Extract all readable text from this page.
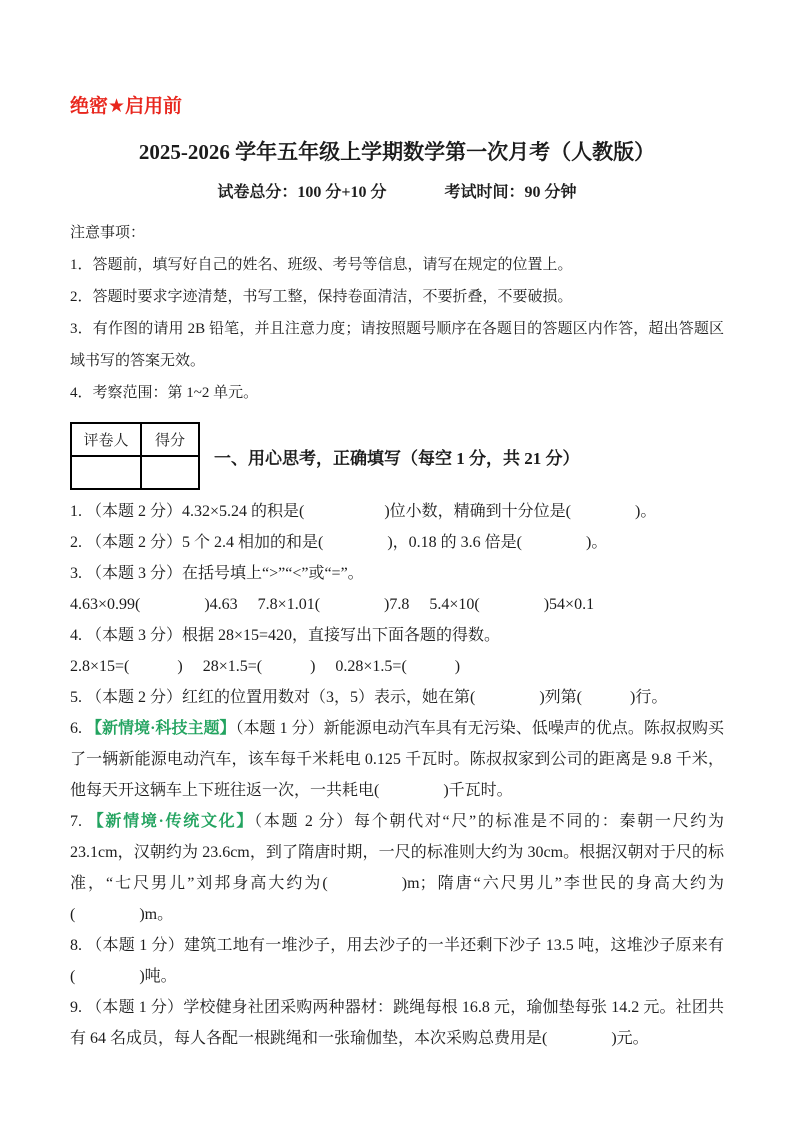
绝密★启用前
2025-2026 学年五年级上学期数学第一次月考（人教版）
试卷总分：100 分+10 分	考试时间：90 分钟

注意事项：

1．答题前，填写好自己的姓名、班级、考号等信息，请写在规定的位置上。

2．答题时要求字迹清楚，书写工整，保持卷面清洁，不要折叠，不要破损。

3．有作图的请用 2B 铅笔，并且注意力度；请按照题号顺序在各题目的答题区内作答，超出答题区域书写的答案无效。

4．考察范围：第 1~2 单元。

评卷人	得分

一、用心思考，正确填写（每空 1 分，共 21 分）

1. （本题 2 分）4.32×5.24 的积是(　　　　　)位小数，精确到十分位是(　　　　)。

2. （本题 2 分）5 个 2.4 相加的和是(　　　　)，0.18 的 3.6 倍是(　　　　)。

3. （本题 3 分）在括号填上“>”“<”或“=”。

4.63×0.99(　　　　)4.63　 7.8×1.01(　　　　)7.8　 5.4×10(　　　　)54×0.1

4. （本题 3 分）根据 28×15=420，直接写出下面各题的得数。

2.8×15=(　　　)　 28×1.5=(　　　)　 0.28×1.5=(　　　)

5. （本题 2 分）红红的位置用数对（3，5）表示，她在第(　　　　)列第(　　　)行。

6. 【新情境·科技主题】（本题 1 分）新能源电动汽车具有无污染、低噪声的优点。陈叔叔购买了一辆新能源电动汽车，该车每千米耗电 0.125 千瓦时。陈叔叔家到公司的距离是 9.8 千米，他每天开这辆车上下班往返一次，一共耗电(　　　　)千瓦时。

7. 【新情境·传统文化】（本题 2 分）每个朝代对“尺”的标准是不同的：秦朝一尺约为 23.1cm，汉朝约为 23.6cm，到了隋唐时期，一尺的标准则大约为 30cm。根据汉朝对于尺的标准，“七尺男儿”刘邦身高大约为(　　　　)m；隋唐“六尺男儿”李世民的身高大约为(　　　　)m。

8. （本题 1 分）建筑工地有一堆沙子，用去沙子的一半还剩下沙子 13.5 吨，这堆沙子原来有(　　　　)吨。

9. （本题 1 分）学校健身社团采购两种器材：跳绳每根 16.8 元，瑜伽垫每张 14.2 元。社团共有 64 名成员，每人各配一根跳绳和一张瑜伽垫，本次采购总费用是(　　　　)元。
